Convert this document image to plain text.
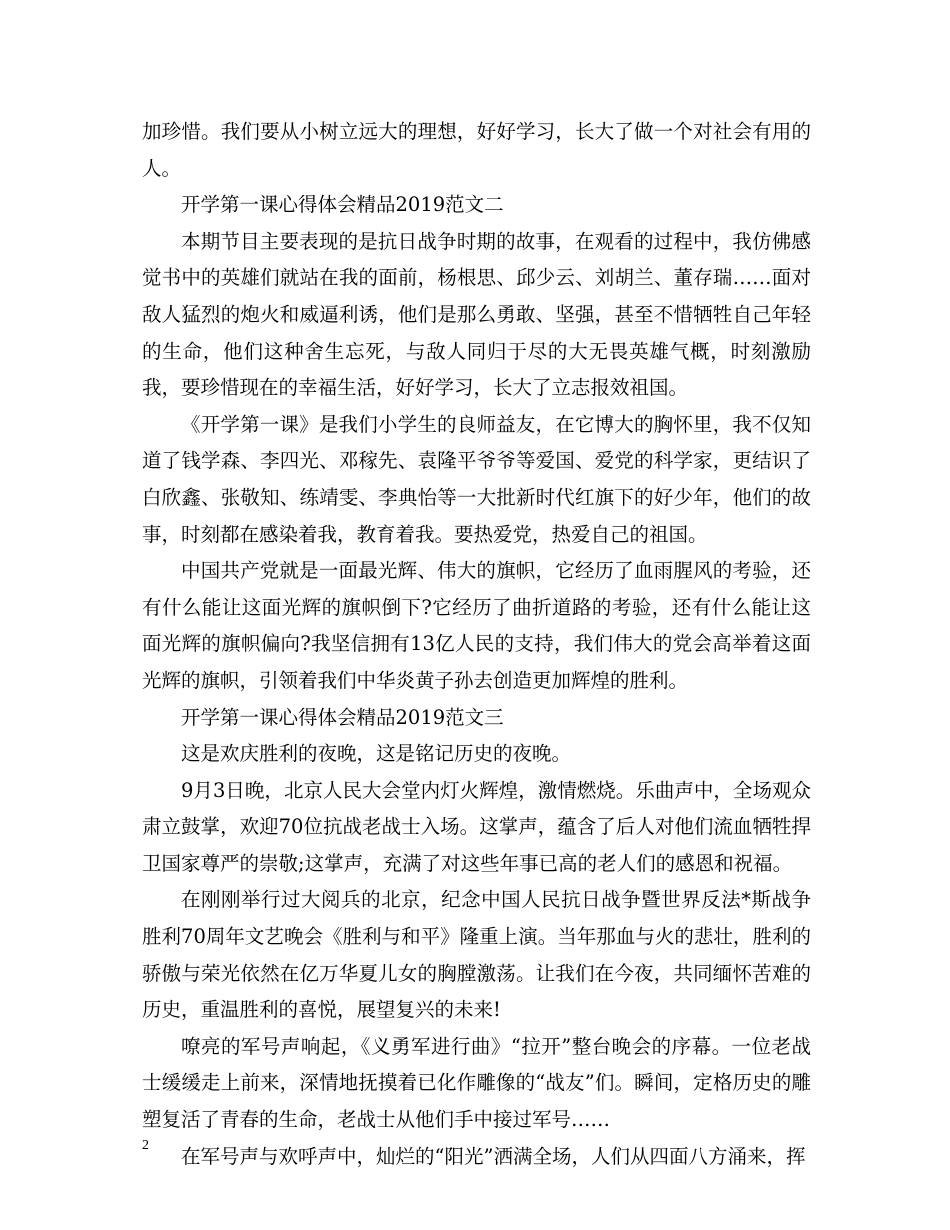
加珍惜。我们要从小树立远大的理想，好好学习，长大了做一个对社会有用的人。

开学第一课心得体会精品2019范文二

本期节目主要表现的是抗日战争时期的故事，在观看的过程中，我仿佛感觉书中的英雄们就站在我的面前，杨根思、邱少云、刘胡兰、董存瑞……面对敌人猛烈的炮火和威逼利诱，他们是那么勇敢、坚强，甚至不惜牺牲自己年轻的生命，他们这种舍生忘死，与敌人同归于尽的大无畏英雄气概，时刻激励我，要珍惜现在的幸福生活，好好学习，长大了立志报效祖国。

《开学第一课》是我们小学生的良师益友，在它博大的胸怀里，我不仅知道了钱学森、李四光、邓稼先、袁隆平爷爷等爱国、爱党的科学家，更结识了白欣鑫、张敬知、练靖雯、李典怡等一大批新时代红旗下的好少年，他们的故事，时刻都在感染着我，教育着我。要热爱党，热爱自己的祖国。

中国共产党就是一面最光辉、伟大的旗帜，它经历了血雨腥风的考验，还有什么能让这面光辉的旗帜倒下?它经历了曲折道路的考验，还有什么能让这面光辉的旗帜偏向?我坚信拥有13亿人民的支持，我们伟大的党会高举着这面光辉的旗帜，引领着我们中华炎黄子孙去创造更加辉煌的胜利。

开学第一课心得体会精品2019范文三

这是欢庆胜利的夜晚，这是铭记历史的夜晚。

9月3日晚，北京人民大会堂内灯火辉煌，激情燃烧。乐曲声中，全场观众肃立鼓掌，欢迎70位抗战老战士入场。这掌声，蕴含了后人对他们流血牺牲捍卫国家尊严的崇敬;这掌声，充满了对这些年事已高的老人们的感恩和祝福。

在刚刚举行过大阅兵的北京，纪念中国人民抗日战争暨世界反法*斯战争胜利70周年文艺晚会《胜利与和平》隆重上演。当年那血与火的悲壮，胜利的骄傲与荣光依然在亿万华夏儿女的胸膛激荡。让我们在今夜，共同缅怀苦难的历史，重温胜利的喜悦，展望复兴的未来!

嘹亮的军号声响起，《义勇军进行曲》“拉开”整台晚会的序幕。一位老战士缓缓走上前来，深情地抚摸着已化作雕像的“战友”们。瞬间，定格历史的雕塑复活了青春的生命，老战士从他们手中接过军号……

在军号声与欢呼声中，灿烂的“阳光”洒满全场，人们从四面八方涌来，挥

2
